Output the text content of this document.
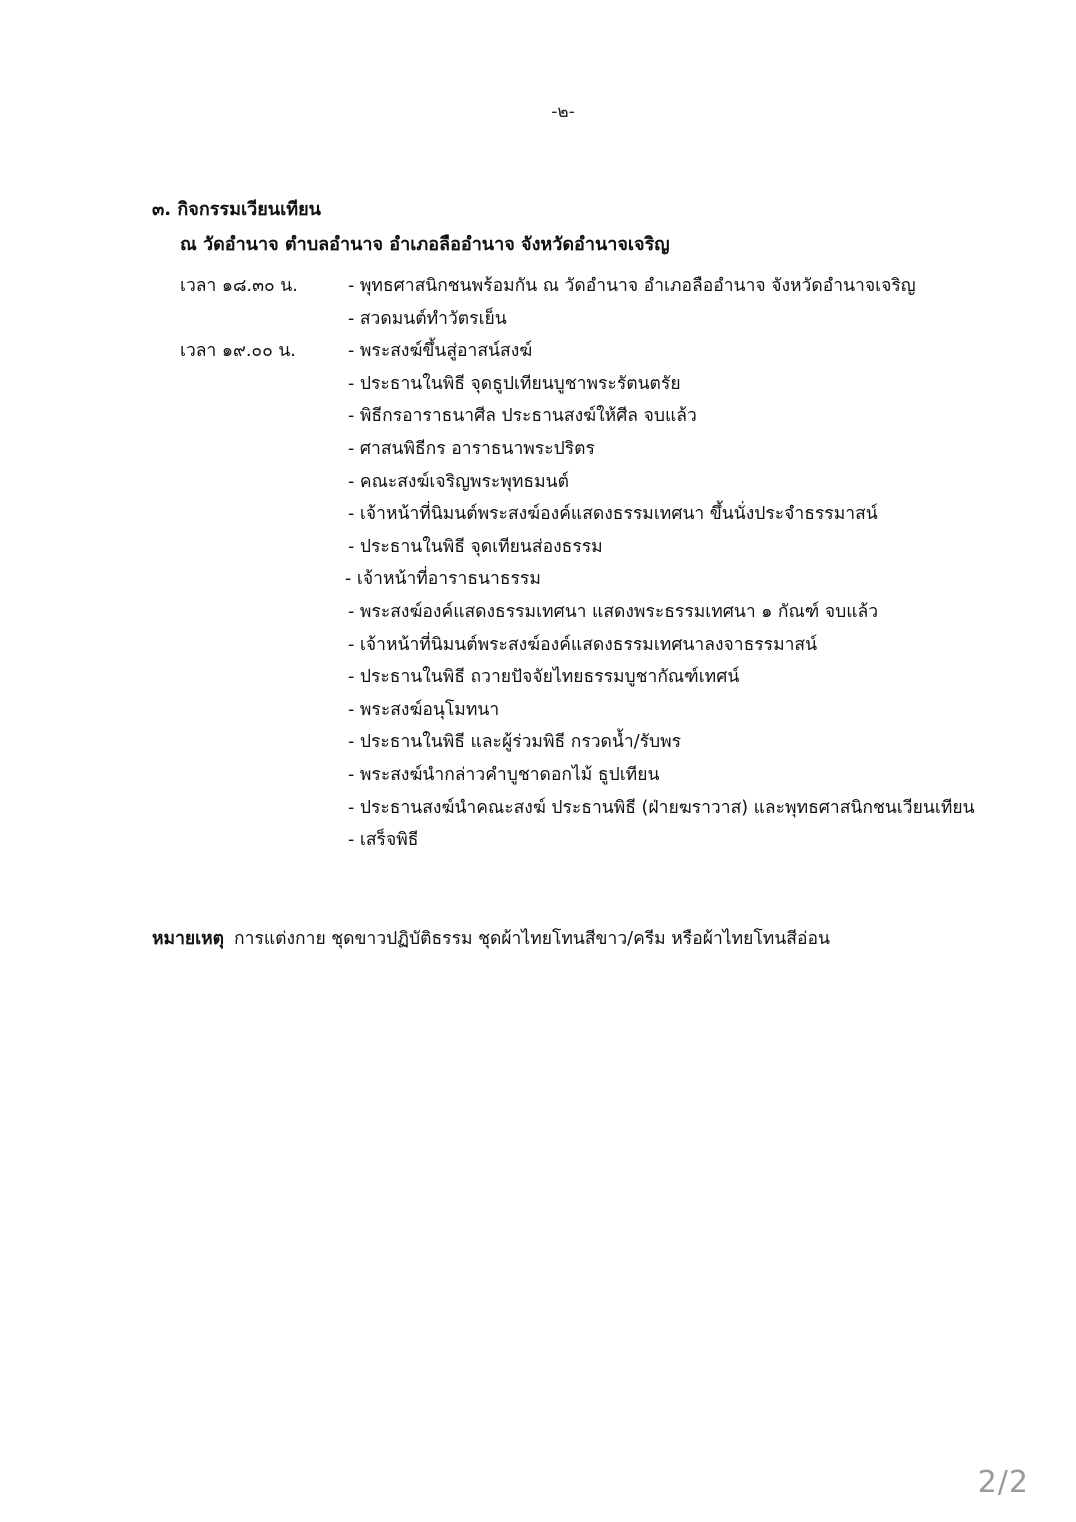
-๒-
๓. กิจกรรมเวียนเทียน
ณ วัดอำนาจ ตำบลอำนาจ อำเภอลืออำนาจ จังหวัดอำนาจเจริญ
เวลา ๑๘.๓๐ น.	- พุทธศาสนิกชนพร้อมกัน ณ วัดอำนาจ อำเภอลืออำนาจ จังหวัดอำนาจเจริญ
- สวดมนต์ทำวัตรเย็น
เวลา ๑๙.๐๐ น.	- พระสงฆ์ขึ้นสู่อาสน์สงฆ์
- ประธานในพิธี จุดธูปเทียนบูชาพระรัตนตรัย
- พิธีกรอาราธนาศีล ประธานสงฆ์ให้ศีล จบแล้ว
- ศาสนพิธีกร อาราธนาพระปริตร
- คณะสงฆ์เจริญพระพุทธมนต์
- เจ้าหน้าที่นิมนต์พระสงฆ์องค์แสดงธรรมเทศนา ขึ้นนั่งประจำธรรมาสน์
- ประธานในพิธี จุดเทียนส่องธรรม
- เจ้าหน้าที่อาราธนาธรรม
- พระสงฆ์องค์แสดงธรรมเทศนา แสดงพระธรรมเทศนา ๑ กัณฑ์ จบแล้ว
- เจ้าหน้าที่นิมนต์พระสงฆ์องค์แสดงธรรมเทศนาลงจาธรรมาสน์
- ประธานในพิธี ถวายปัจจัยไทยธรรมบูชากัณฑ์เทศน์
- พระสงฆ์อนุโมทนา
- ประธานในพิธี และผู้ร่วมพิธี กรวดน้ำ/รับพร
- พระสงฆ์นำกล่าวคำบูชาดอกไม้ ธูปเทียน
- ประธานสงฆ์นำคณะสงฆ์ ประธานพิธี (ฝ่ายฆราวาส) และพุทธศาสนิกชนเวียนเทียน
- เสร็จพิธี
หมายเหตุ การแต่งกาย ชุดขาวปฏิบัติธรรม ชุดผ้าไทยโทนสีขาว/ครีม หรือผ้าไทยโทนสีอ่อน
2/2
